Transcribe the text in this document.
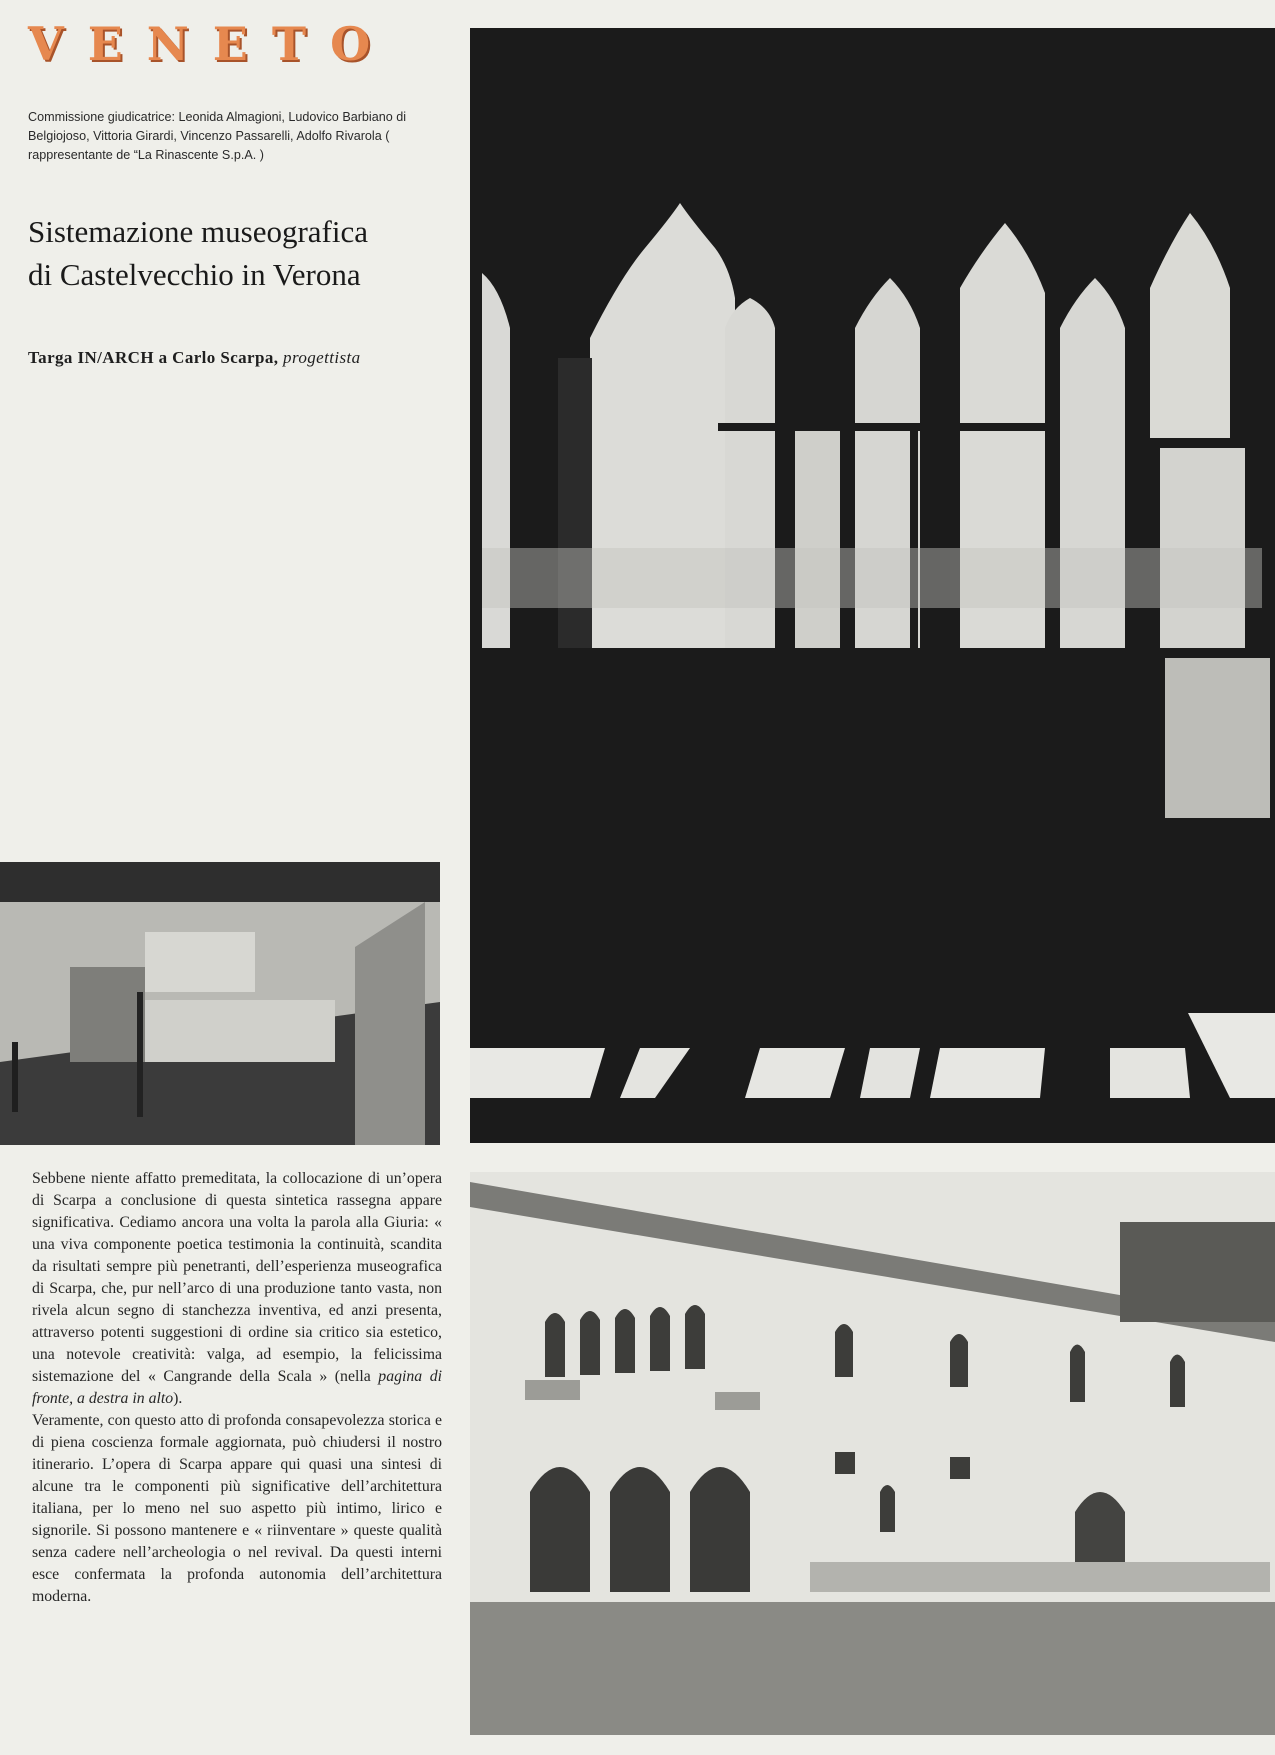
VENETO
Commissione giudicatrice: Leonida Almagioni, Ludovico Barbiano di Belgiojoso, Vittoria Girardi, Vincenzo Passarelli, Adolfo Rivarola ( rappresentante de “La Rinascente S.p.A. )
Sistemazione museografica
di Castelvecchio in Verona
Targa IN/ARCH a Carlo Scarpa, progettista
Sebbene niente affatto premeditata, la collocazione di un’opera di Scarpa a conclusione di questa sintetica rassegna appare significativa. Cediamo ancora una volta la parola alla Giuria: « una viva componente poetica testimonia la continuità, scandita da risultati sempre più penetranti, dell’esperienza museografica di Scarpa, che, pur nell’arco di una produzione tanto vasta, non rivela alcun segno di stanchezza inventiva, ed anzi presenta, attraverso potenti suggestioni di ordine sia critico sia estetico, una notevole creatività: valga, ad esempio, la felicissima sistemazione del « Cangrande della Scala » (nella pagina di fronte, a destra in alto).
Veramente, con questo atto di profonda consapevolezza storica e di piena coscienza formale aggiornata, può chiudersi il nostro itinerario. L’opera di Scarpa appare qui quasi una sintesi di alcune tra le componenti più significative dell’architettura italiana, per lo meno nel suo aspetto più intimo, lirico e signorile. Si possono mantenere e « riinventare » queste qualità senza cadere nell’archeologia o nel revival. Da questi interni esce confermata la profonda autonomia dell’architettura moderna.
